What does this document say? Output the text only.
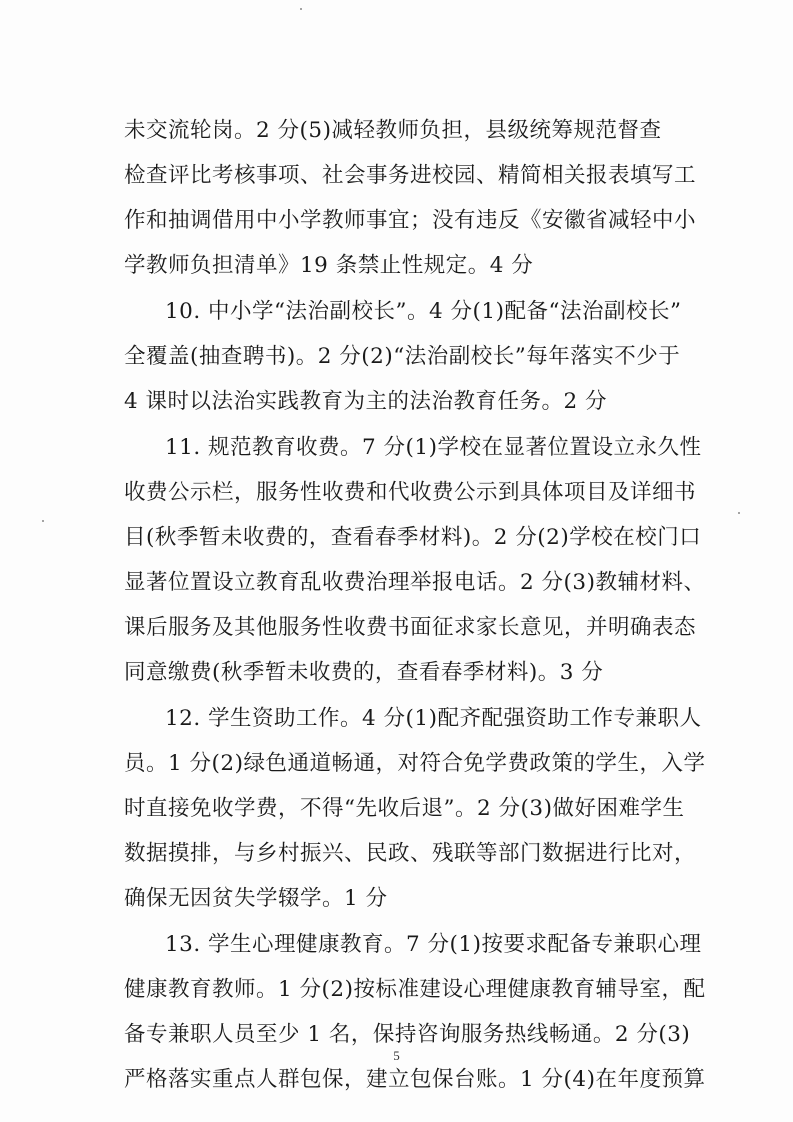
未交流轮岗。2 分(5)减轻教师负担，县级统筹规范督查
检查评比考核事项、社会事务进校园、精简相关报表填写工
作和抽调借用中小学教师事宜；没有违反《安徽省减轻中小
学教师负担清单》19 条禁止性规定。4 分
10. 中小学“法治副校长”。4 分(1)配备“法治副校长”
全覆盖(抽查聘书)。2 分(2)“法治副校长”每年落实不少于
4 课时以法治实践教育为主的法治教育任务。2 分
11. 规范教育收费。7 分(1)学校在显著位置设立永久性
收费公示栏，服务性收费和代收费公示到具体项目及详细书
目(秋季暂未收费的，查看春季材料)。2 分(2)学校在校门口
显著位置设立教育乱收费治理举报电话。2 分(3)教辅材料、
课后服务及其他服务性收费书面征求家长意见，并明确表态
同意缴费(秋季暂未收费的，查看春季材料)。3 分
12. 学生资助工作。4 分(1)配齐配强资助工作专兼职人
员。1 分(2)绿色通道畅通，对符合免学费政策的学生，入学
时直接免收学费，不得“先收后退”。2 分(3)做好困难学生
数据摸排，与乡村振兴、民政、残联等部门数据进行比对，
确保无因贫失学辍学。1 分
13. 学生心理健康教育。7 分(1)按要求配备专兼职心理
健康教育教师。1 分(2)按标准建设心理健康教育辅导室，配
备专兼职人员至少 1 名，保持咨询服务热线畅通。2 分(3)
严格落实重点人群包保，建立包保台账。1 分(4)在年度预算
5
